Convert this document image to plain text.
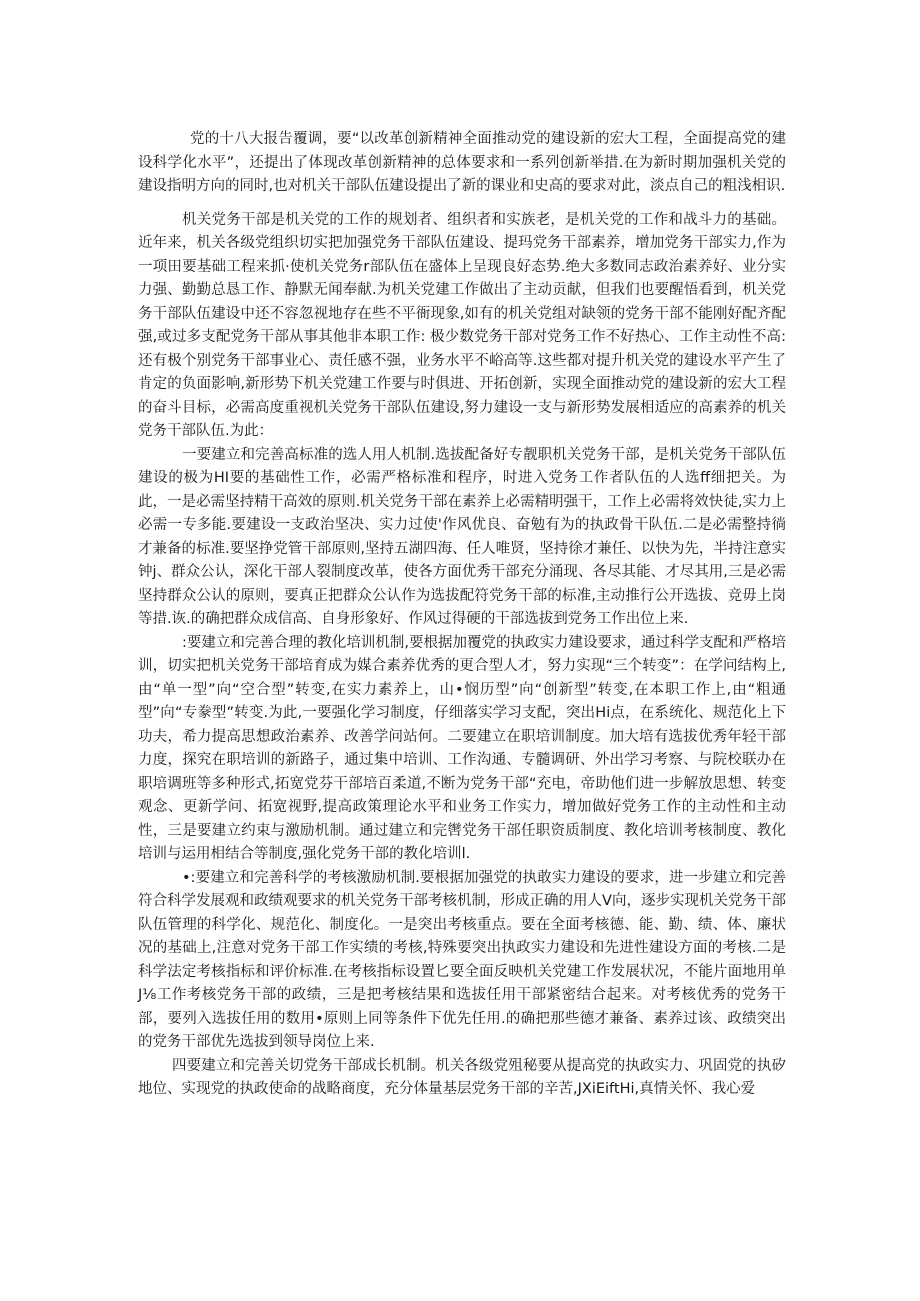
党的十八大报告覆调，要“以改革创新精神全面推动党的建设新的宏大工程，全面提高党的建设科学化水平”，还提出了体现改革创新精神的总体要求和一系列创新举措.在为新时期加强机关党的建设指明方向的同时,也对机关干部队伍建设提出了新的课业和史高的要求对此，淡点自己的粗浅相识.

机关党务干部是机关党的工作的规划者、组织者和实族老，是机关党的工作和战斗力的基础。近年来，机关各级党组织切实把加强党务干部队伍建设、提玛党务干部素养，增加党务干部实力,作为一项田要基础工程来抓·使机关党务r部队伍在盛体上呈现良好态势.绝大多数同志政治素养好、业分实力强、勤勤总恳工作、静默无闻奉献.为机关党建工作做出了主动贡献，但我们也要醒悟看到，机关党务干部队伍建设中还不容忽视地存在些不平衙现象,如有的机关党组对缺领的党务干部不能刚好配齐配强,或过多支配党务干部从事其他非本职工作: 极少数党务干部对党务工作不好热心、工作主动性不高: 还有极个别党务干部事业心、责任感不强，业务水平不峪高等.这些都对提升机关党的建设水平产生了肯定的负面影响,新形势下机关党建工作要与时俱进、开拓创新，实现全面推动党的建设新的宏大工程的奋斗目标，必需高度重视机关党务干部队伍建设,努力建设一支与新形势发展相适应的高素养的机关党务干部队伍.为此：

一要建立和完善高标准的选人用人机制.选拔配备好专靓职机关党务干部，是机关党务干部队伍建设的极为HI要的基础性工作，必需严格标准和程序，时进入党务工作者队伍的人选ff细把关。为此，一是必需坚持精干高效的原则.机关党务干部在素养上必需精明强干，工作上必需将效快徒,实力上必需一专多能.要建设一支政治坚决、实力过使'作风优良、奋勉有为的执政骨干队伍.二是必需整持徜才兼备的标准.要坚挣党管干部原则,坚持五湖四海、任人唯贤，坚持徐才兼任、以快为先，半持注意实钟j、群众公认，深化干部人裂制度改革，使各方面优秀干部充分涌现、各尽其能、才尽其用,三是必需坚持群众公认的原则，要真正把群众公认作为选拔配符党务干部的标准,主动推行公开选拔、竞毋上岗等措.诙.的确把群众成信高、自身形象好、作风过得硬的干部选拔到党务工作出位上来.

:要建立和完善合理的教化培训机制,要根据加覆党的执政实力建设要求，通过科学支配和严格培训，切实把机关党务干部培育成为媒合素养优秀的更合型人才，努力实现“三个转变”：在学问结构上,由“单一型”向“空合型”转变,在实力素养上，山•悯历型”向“创新型”转变,在本职工作上,由“粗通型”向“专豢型”转变.为此,一要强化学习制度，仔细落实学习支配，突出Hi点，在系统化、规范化上下功夫，希力提高思想政治素养、改善学问站何。二要建立在职培训制度。加大培有选拔优秀年轻干部力度，探究在职培训的新路子，通过集中培训、工作沟通、专髓调研、外出学习考察、与院校联办在职培调班等多种形式,拓宽党芬干部培百柔道,不断为党务干部“充电，帝助他们进一步解放思想、转变观念、更新学问、拓宽视野,提高政策理论水平和业务工作实力，增加做好党务工作的主动性和主动性，三是要建立约束与激励机制。通过建立和完辔党务干部任职资质制度、教化培训考核制度、教化培训与运用相结合等制度,强化党务干部的教化培训l.

•:要建立和完善科学的考核激励机制.要根据加强党的执敢实力建设的要求，进一步建立和完善符合科学发展观和政绩观要求的机关党务干部考核机制，形成正确的用人V向，逐步实现机关党务干部队伍管理的科学化、规范化、制度化。一是突出考核重点。要在全面考核德、能、勤、绩、体、廉状况的基础上,注意对党务干部工作实绩的考核,特殊要突出执政实力建设和先进性建设方面的考核.二是科学法定考核指标和评价标准.在考核指标设置匕要全面反映机关党建工作发展状况，不能片面地用单J⅛工作考核党务干部的政绩，三是把考核结果和选拔任用干部紧密结合起来。对考核优秀的党务干部，要列入选拔任用的数用•原则上同等条件下优先任用.的确把那些德才兼备、素养过该、政绩突出的党务干部优先选拔到领导岗位上来.

四要建立和完善关切党务干部成长机制。机关各级党殂秘要从提高党的执政实力、巩固党的执矽地位、实现党的执政使命的战略商度，充分体量基层党务干部的辛苦,JXiEiftHi,真情关怀、我心爱
